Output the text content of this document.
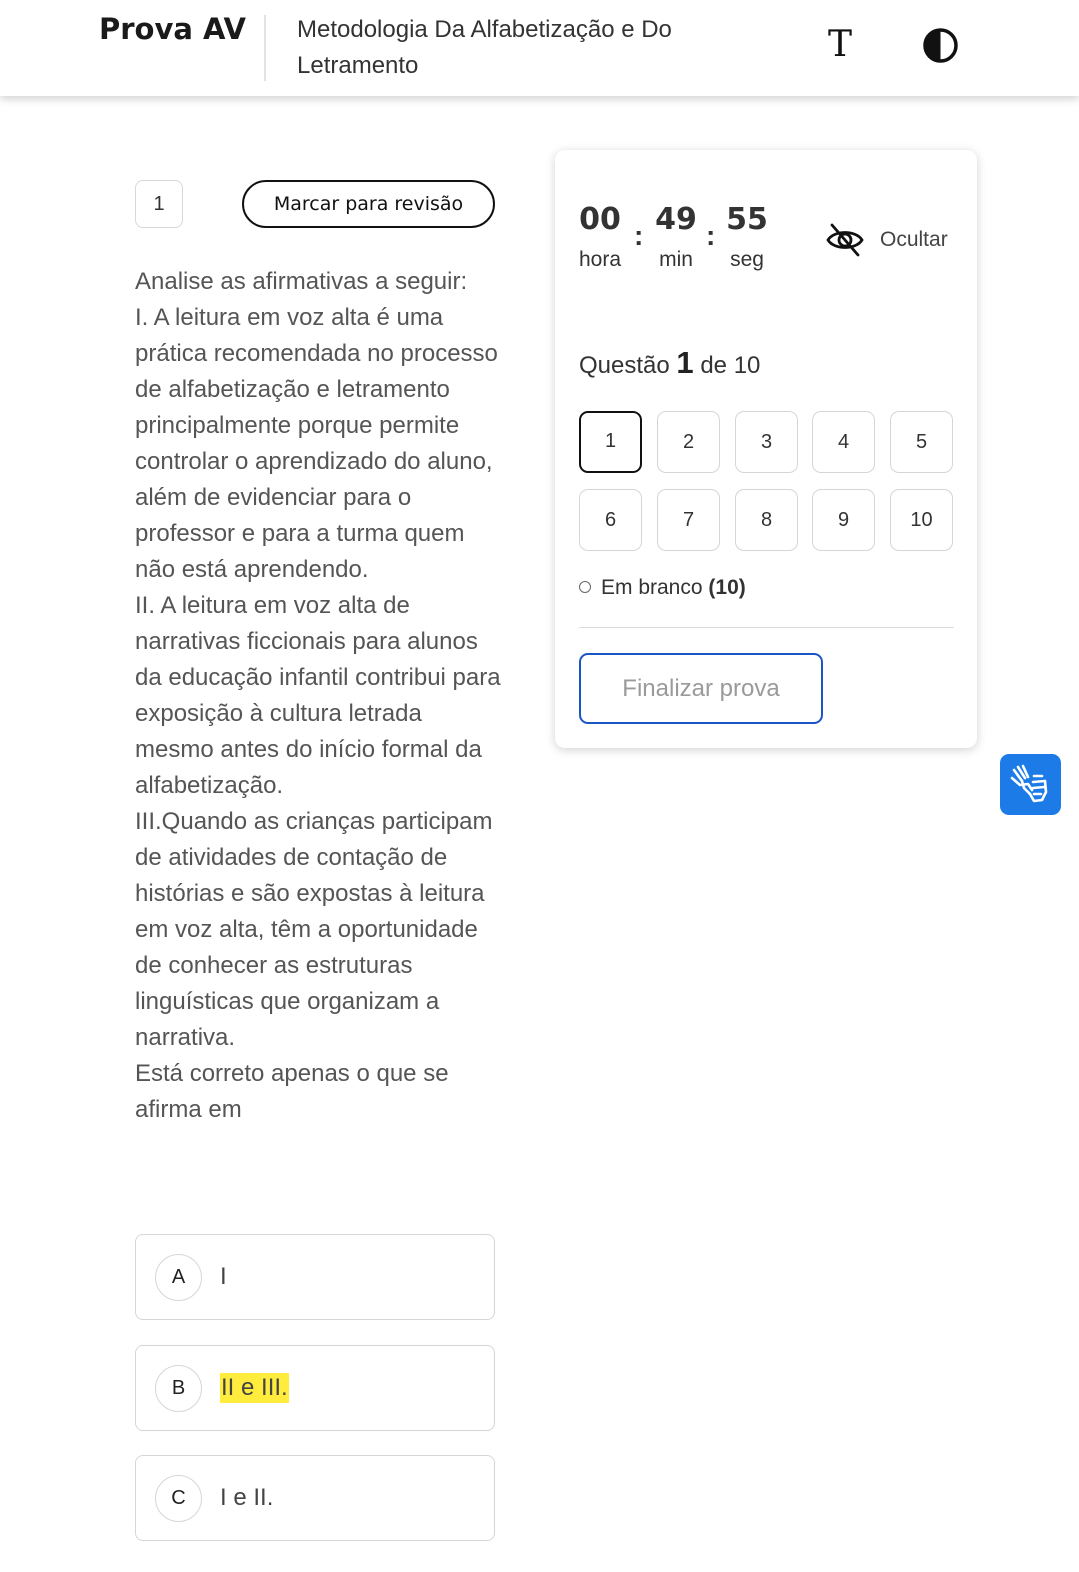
Prova AV Metodologia Da Alfabetização e Do Letramento
T
1	Marcar para revisão
Analise as afirmativas a seguir:
I. A leitura em voz alta é uma prática recomendada no processo de alfabetização e letramento principalmente porque permite controlar o aprendizado do aluno, além de evidenciar para o professor e para a turma quem não está aprendendo.
II. A leitura em voz alta de narrativas ficcionais para alunos da educação infantil contribui para exposição à cultura letrada mesmo antes do início formal da alfabetização.
III.Quando as crianças participam de atividades de contação de histórias e são expostas à leitura em voz alta, têm a oportunidade de conhecer as estruturas linguísticas que organizam a narrativa.
Está correto apenas o que se afirma em
A	I
B	II e III.
C	I e II.
00
hora
: 49
min
: 55
seg
Ocultar
Questão 1 de 10
1	2	3	4	5
6	7	8	9	10
Em branco (10)
Finalizar prova
